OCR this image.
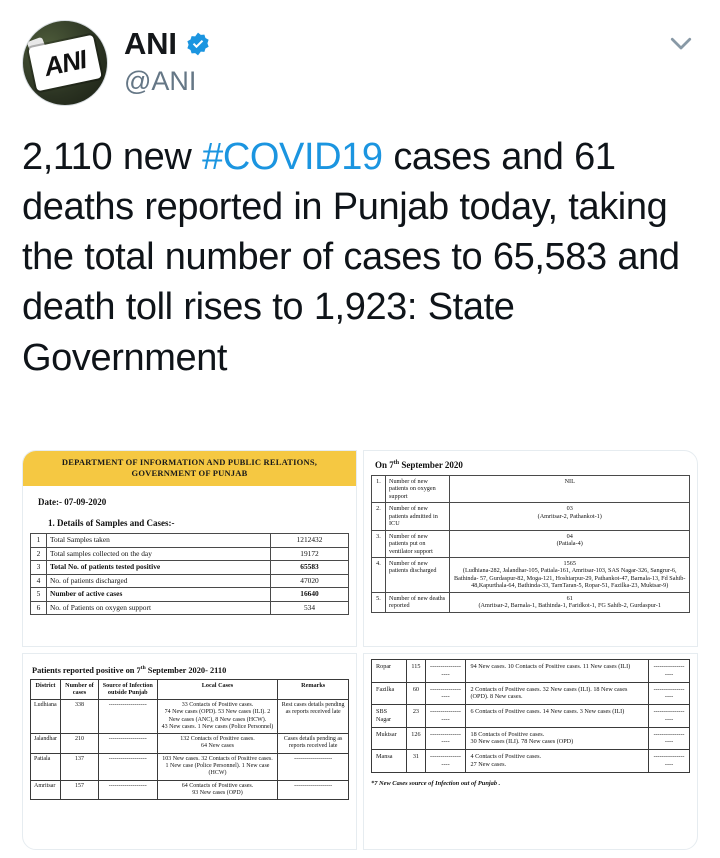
ANI	ANI
@ANI
2,110 new #COVID19 cases and 61 deaths reported in Punjab today, taking the total number of cases to 65,583 and death toll rises to 1,923: State Government
DEPARTMENT OF INFORMATION AND PUBLIC RELATIONS,
GOVERNMENT OF PUNJAB
Date:- 07-09-2020
1. Details of Samples and Cases:-
1	Total Samples taken	1212432
2	Total samples collected on the day	19172
3	Total No. of patients tested positive	65583
4	No. of patients discharged	47020
5	Number of active cases	16640
6	No. of Patients on oxygen support	534
On 7th September 2020
1.	Number of new patients on oxygen support	NIL
2.	Number of new patients admitted in ICU	03
(Amritsar-2, Pathankot-1)
3.	Number of new patients put on ventilator support	04
(Patiala-4)
4.	Number of new patients discharged	1565
(Ludhiana-282, Jalandhar-105, Patiala-161, Amritsar-103, SAS Nagar-326, Sangrur-6, Bathinda- 57, Gurdaspur-82, Moga-121, Hoshiarpur-29, Pathankot-47, Barnala-13, Fd Sahib-48,Kapurthala-64, Bathinda-33, TarnTaran-5, Ropar-51, Fazilka-23, Muktsar-9)
5.	Number of new deaths reported	61
(Amritsar-2, Barnala-1, Bathinda-1, Faridkot-1, FG Sahib-2, Gurdaspur-1
Patients reported positive on 7th September 2020- 2110
District	Number of cases	Source of Infection outside Punjab	Local Cases	Remarks
Ludhiana	338	-------------------	33 Contacts of Positive cases.
74 New cases (OPD). 53 New cases (ILI). 2 New cases (ANC), 8 New cases (HCW).
43 New cases. 1 New cases (Police Personnel)	Rest cases details pending as reports received late
Jalandhar	210	-------------------	132 Contacts of Positive cases.
64 New cases	Cases details pending as reports received late
Patiala	137	-------------------	103 New cases. 32 Contacts of Positive cases. 1 New case (Police Personnel). 1 New case (HCW)	-------------------
Amritsar	157	-------------------	64 Contacts of Positive cases.
93 New cases (OPD)	-------------------
Ropar	115	-------------------	94 New cases. 10 Contacts of Positive cases. 11 New cases (ILI)	-------------------
Fazilka	60	-------------------	2 Contacts of Positive cases. 32 New cases (ILI). 18 New cases (OPD). 8 New cases.	-------------------
SBS Nagar	23	-------------------	6 Contacts of Positive cases. 14 New cases. 3 New cases (ILI)	-------------------
Muktsar	126	-------------------	18 Contacts of Positive cases.
30 New cases (ILI). 78 New cases (OPD)	-------------------
Mansa	31	-------------------	4 Contacts of Positive cases.
27 New cases.	-------------------
*7 New Cases source of Infection out of Punjab .
